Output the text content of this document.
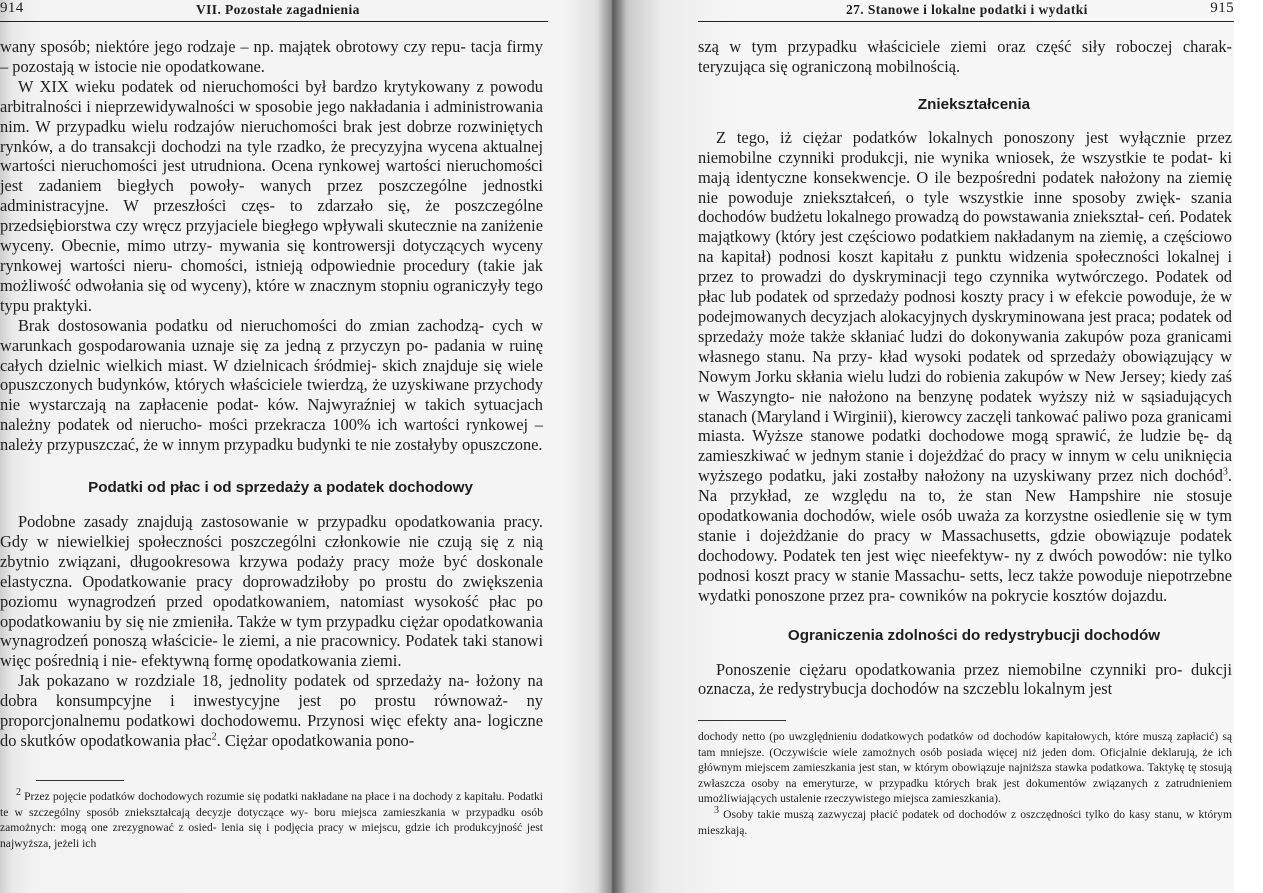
914	VII. Pozostałe zagadnienia

wany sposób; niektóre jego rodzaje – np. majątek obrotowy czy repu- tacja firmy – pozostają w istocie nie opodatkowane.

W XIX wieku podatek od nieruchomości był bardzo krytykowany z powodu arbitralności i nieprzewidywalności w sposobie jego nakładania i administrowania nim. W przypadku wielu rodzajów nieruchomości brak jest dobrze rozwiniętych rynków, a do transakcji dochodzi na tyle rzadko, że precyzyjna wycena aktualnej wartości nieruchomości jest utrudniona. Ocena rynkowej wartości nieruchomości jest zadaniem biegłych powoły- wanych przez poszczególne jednostki administracyjne. W przeszłości częs- to zdarzało się, że poszczególne przedsiębiorstwa czy wręcz przyjaciele biegłego wpływali skutecznie na zaniżenie wyceny. Obecnie, mimo utrzy- mywania się kontrowersji dotyczących wyceny rynkowej wartości nieru- chomości, istnieją odpowiednie procedury (takie jak możliwość odwołania się od wyceny), które w znacznym stopniu ograniczyły tego typu praktyki.

Brak dostosowania podatku od nieruchomości do zmian zachodzą- cych w warunkach gospodarowania uznaje się za jedną z przyczyn po- padania w ruinę całych dzielnic wielkich miast. W dzielnicach śródmiej- skich znajduje się wiele opuszczonych budynków, których właściciele twierdzą, że uzyskiwane przychody nie wystarczają na zapłacenie podat- ków. Najwyraźniej w takich sytuacjach należny podatek od nierucho- mości przekracza 100% ich wartości rynkowej – należy przypuszczać, że w innym przypadku budynki te nie zostałyby opuszczone.

Podatki od płac i od sprzedaży a podatek dochodowy

Podobne zasady znajdują zastosowanie w przypadku opodatkowania pracy. Gdy w niewielkiej społeczności poszczególni członkowie nie czują się z nią zbytnio związani, długookresowa krzywa podaży pracy może być doskonale elastyczna. Opodatkowanie pracy doprowadziłoby po prostu do zwiększenia poziomu wynagrodzeń przed opodatkowaniem, natomiast wysokość płac po opodatkowaniu by się nie zmieniła. Także w tym przypadku ciężar opodatkowania wynagrodzeń ponoszą właścicie- le ziemi, a nie pracownicy. Podatek taki stanowi więc pośrednią i nie- efektywną formę opodatkowania ziemi.

Jak pokazano w rozdziale 18, jednolity podatek od sprzedaży na- łożony na dobra konsumpcyjne i inwestycyjne jest po prostu równoważ- ny proporcjonalnemu podatkowi dochodowemu. Przynosi więc efekty ana- logiczne do skutków opodatkowania płac$^2$. Ciężar opodatkowania pono-

$^2$ Przez pojęcie podatków dochodowych rozumie się podatki nakładane na płace i na dochody z kapitału. Podatki te w szczególny sposób zniekształcają decyzje dotyczące wy- boru miejsca zamieszkania w przypadku osób zamożnych: mogą one zrezygnować z osied- lenia się i podjęcia pracy w miejscu, gdzie ich produkcyjność jest najwyższa, jeżeli ich

27. Stanowe i lokalne podatki i wydatki	915

szą w tym przypadku właściciele ziemi oraz część siły roboczej charak- teryzująca się ograniczoną mobilnością.

Zniekształcenia

Z tego, iż ciężar podatków lokalnych ponoszony jest wyłącznie przez niemobilne czynniki produkcji, nie wynika wniosek, że wszystkie te podat- ki mają identyczne konsekwencje. O ile bezpośredni podatek nałożony na ziemię nie powoduje zniekształceń, o tyle wszystkie inne sposoby zwięk- szania dochodów budżetu lokalnego prowadzą do powstawania zniekształ- ceń. Podatek majątkowy (który jest częściowo podatkiem nakładanym na ziemię, a częściowo na kapitał) podnosi koszt kapitału z punktu widzenia społeczności lokalnej i przez to prowadzi do dyskryminacji tego czynnika wytwórczego. Podatek od płac lub podatek od sprzedaży podnosi koszty pracy i w efekcie powoduje, że w podejmowanych decyzjach alokacyjnych dyskryminowana jest praca; podatek od sprzedaży może także skłaniać ludzi do dokonywania zakupów poza granicami własnego stanu. Na przy- kład wysoki podatek od sprzedaży obowiązujący w Nowym Jorku skłania wielu ludzi do robienia zakupów w New Jersey; kiedy zaś w Waszyngto- nie nałożono na benzynę podatek wyższy niż w sąsiadujących stanach (Maryland i Wirginii), kierowcy zaczęli tankować paliwo poza granicami miasta. Wyższe stanowe podatki dochodowe mogą sprawić, że ludzie bę- dą zamieszkiwać w jednym stanie i dojeżdżać do pracy w innym w celu uniknięcia wyższego podatku, jaki zostałby nałożony na uzyskiwany przez nich dochód$^3$. Na przykład, ze względu na to, że stan New Hampshire nie stosuje opodatkowania dochodów, wiele osób uważa za korzystne osiedlenie się w tym stanie i dojeżdżanie do pracy w Massachusetts, gdzie obowiązuje podatek dochodowy. Podatek ten jest więc nieefektyw- ny z dwóch powodów: nie tylko podnosi koszt pracy w stanie Massachu- setts, lecz także powoduje niepotrzebne wydatki ponoszone przez pra- cowników na pokrycie kosztów dojazdu.

Ograniczenia zdolności do redystrybucji dochodów

Ponoszenie ciężaru opodatkowania przez niemobilne czynniki pro- dukcji oznacza, że redystrybucja dochodów na szczeblu lokalnym jest

dochody netto (po uwzględnieniu dodatkowych podatków od dochodów kapitałowych, które muszą zapłacić) są tam mniejsze. (Oczywiście wiele zamożnych osób posiada więcej niż jeden dom. Oficjalnie deklarują, że ich głównym miejscem zamieszkania jest stan, w którym obowiązuje najniższa stawka podatkowa. Taktykę tę stosują zwłaszcza osoby na emeryturze, w przypadku których brak jest dokumentów związanych z zatrudnieniem umożliwiających ustalenie rzeczywistego miejsca zamieszkania).

$^3$ Osoby takie muszą zazwyczaj płacić podatek od dochodów z oszczędności tylko do kasy stanu, w którym mieszkają.
